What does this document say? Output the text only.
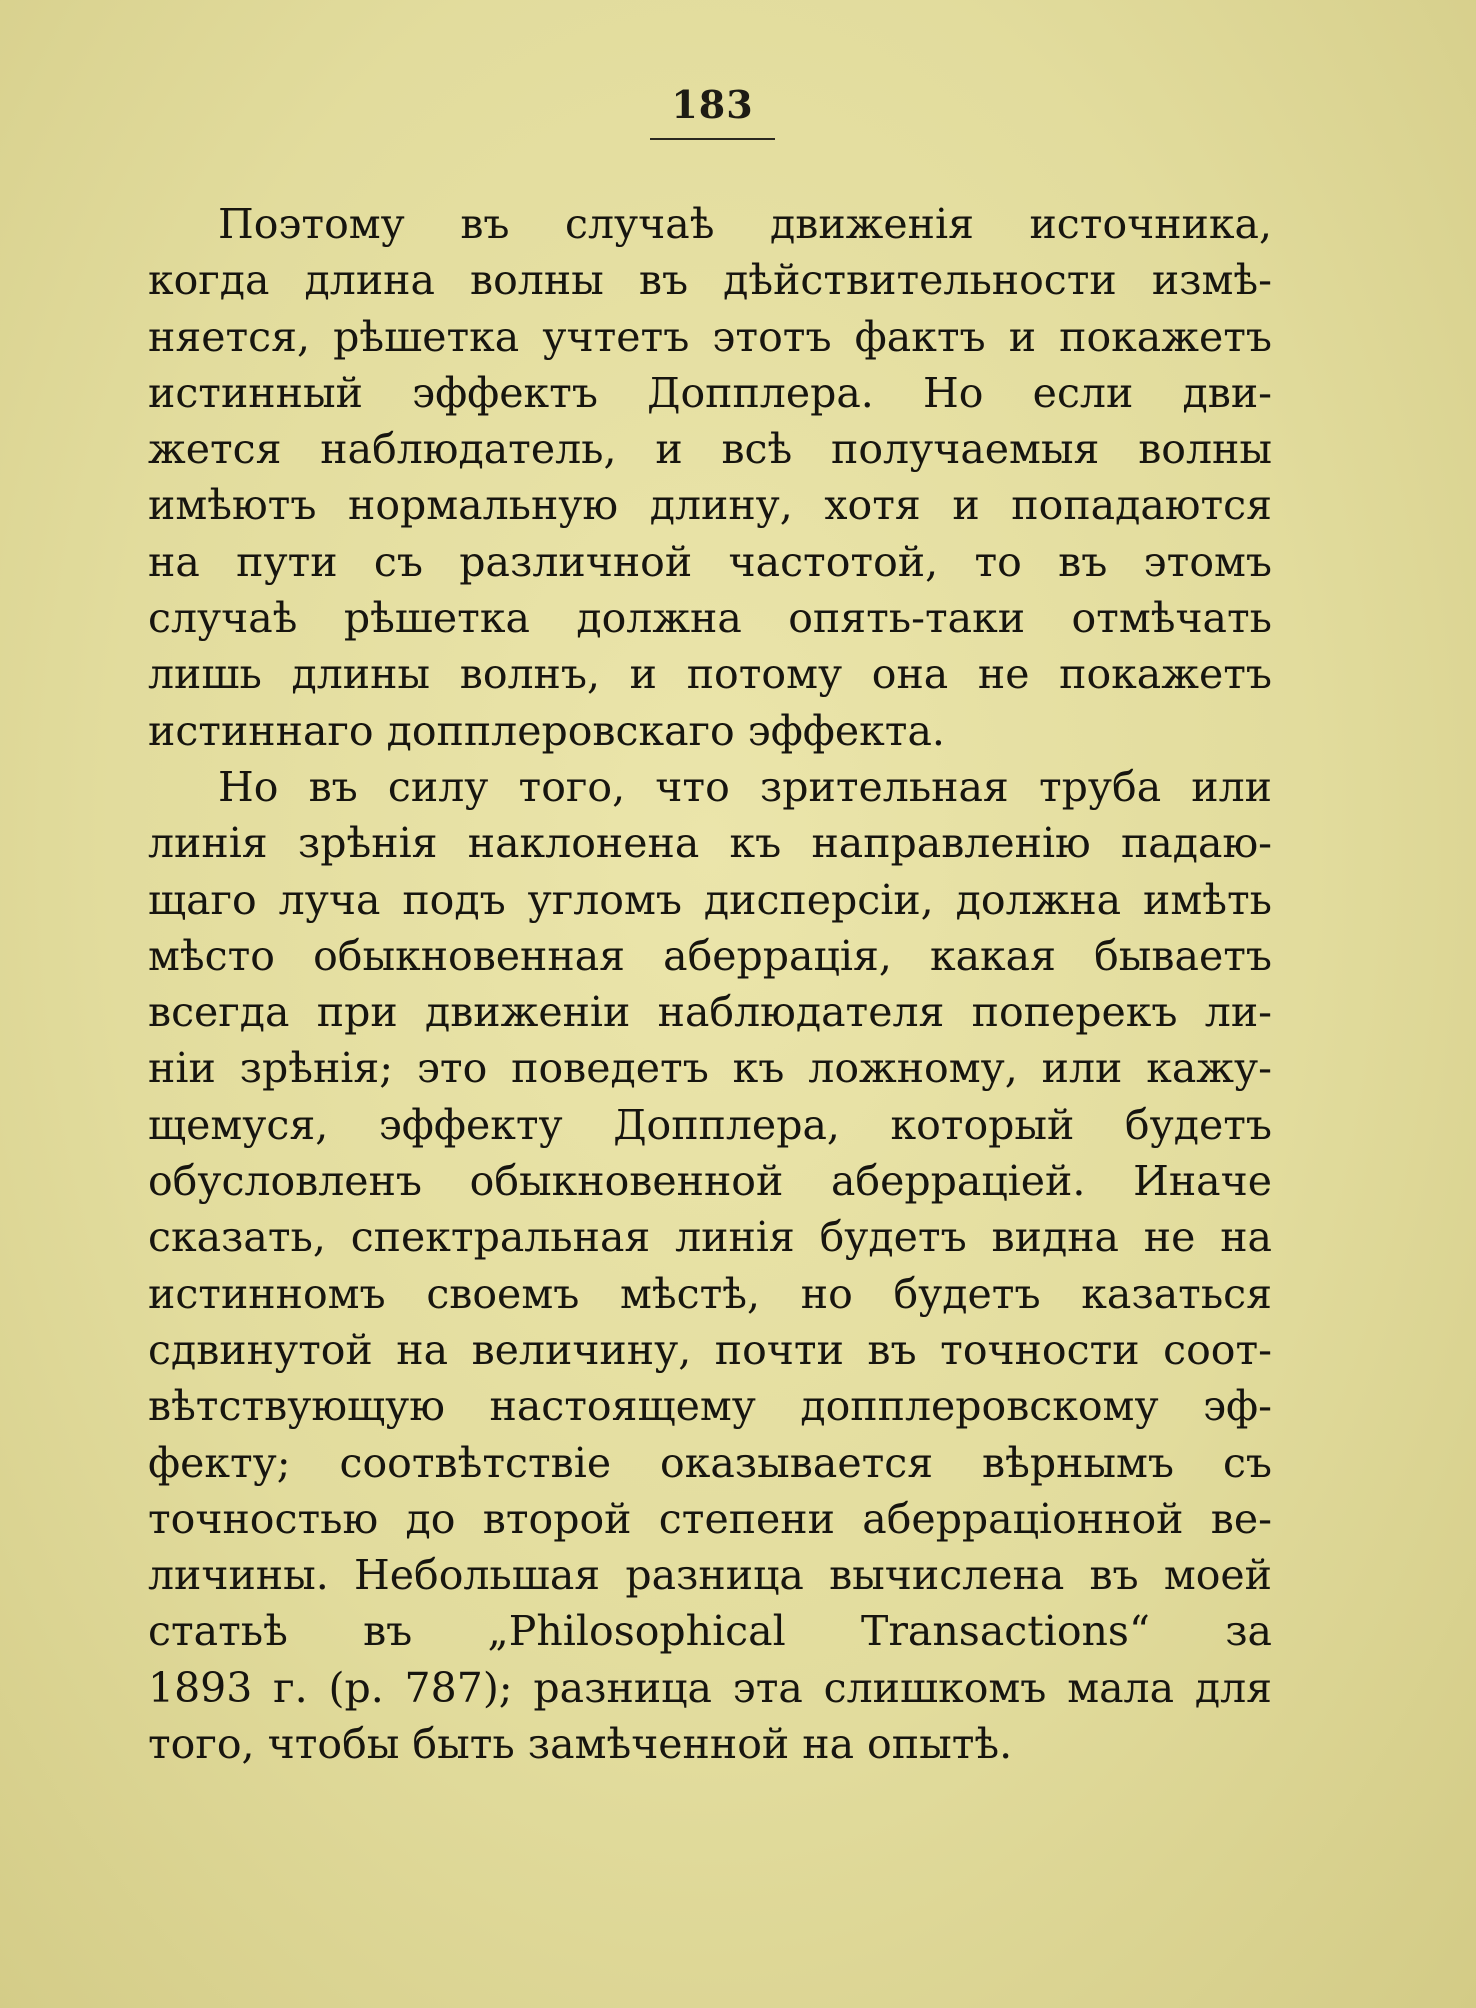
183
Поэтому въ случаѣ движенія источника,
когда длина волны въ дѣйствительности измѣ-
няется, рѣшетка учтетъ этотъ фактъ и покажетъ
истинный эффектъ Допплера. Но если дви-
жется наблюдатель, и всѣ получаемыя волны
имѣютъ нормальную длину, хотя и попадаются
на пути съ различной частотой, то въ этомъ
случаѣ рѣшетка должна опять-таки отмѣчать
лишь длины волнъ, и потому она не покажетъ
истиннаго допплеровскаго эффекта.
Но въ силу того, что зрительная труба или
линія зрѣнія наклонена къ направленію падаю-
щаго луча подъ угломъ дисперсіи, должна имѣть
мѣсто обыкновенная аберрація, какая бываетъ
всегда при движеніи наблюдателя поперекъ ли-
ніи зрѣнія; это поведетъ къ ложному, или кажу-
щемуся, эффекту Допплера, который будетъ
обусловленъ обыкновенной аберраціей. Иначе
сказать, спектральная линія будетъ видна не на
истинномъ своемъ мѣстѣ, но будетъ казаться
сдвинутой на величину, почти въ точности соот-
вѣтствующую настоящему допплеровскому эф-
фекту; соотвѣтствіе оказывается вѣрнымъ съ
точностью до второй степени аберраціонной ве-
личины. Небольшая разница вычислена въ моей
статьѣ въ „Philosophical Transactions“ за
1893 г. (р. 787); разница эта слишкомъ мала для
того, чтобы быть замѣченной на опытѣ.
